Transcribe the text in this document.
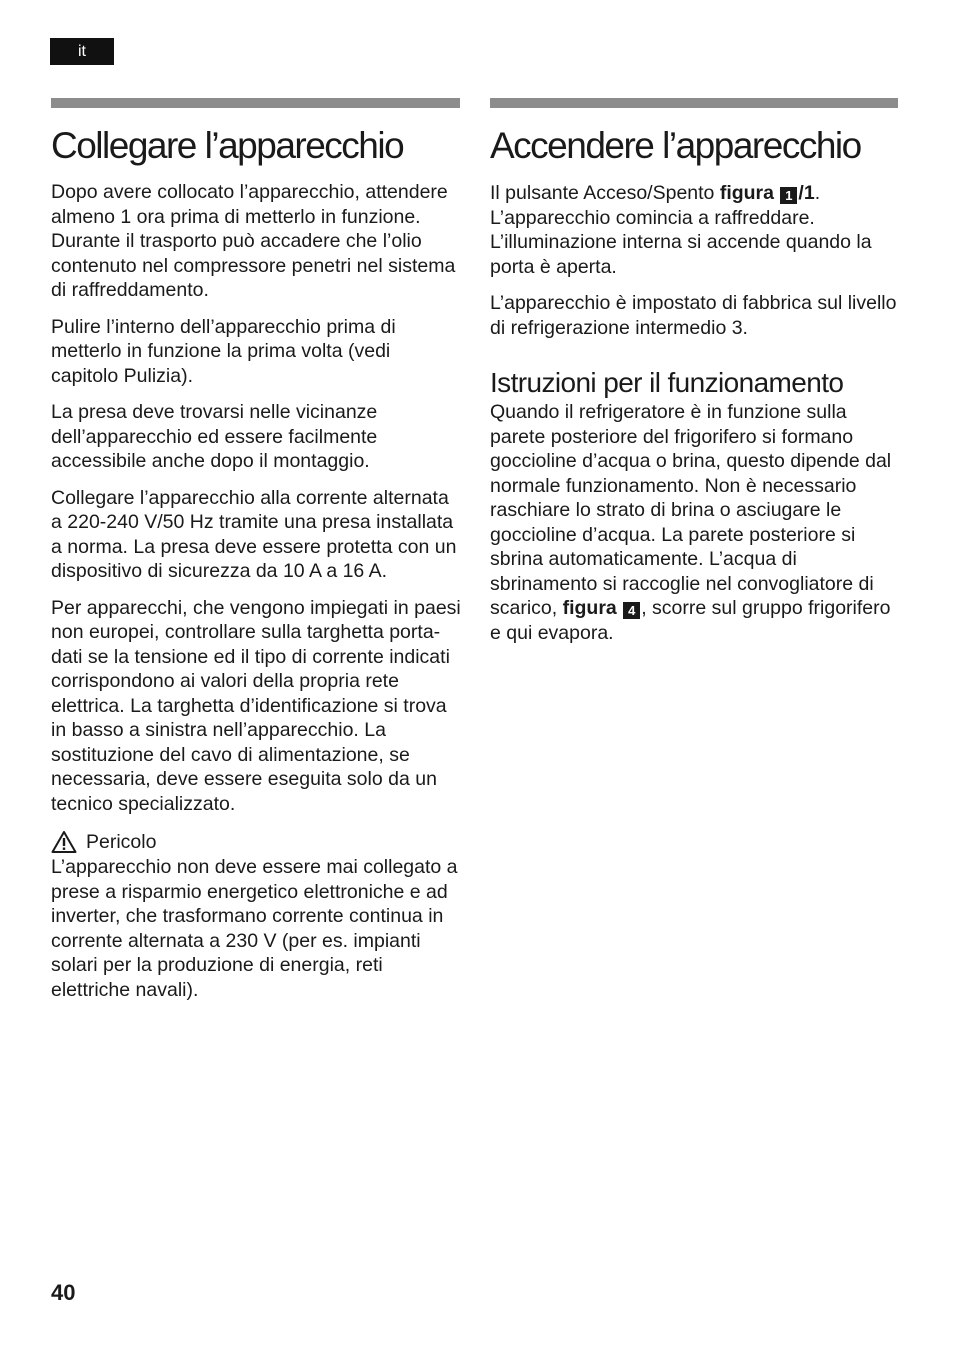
it
Collegare l’apparecchio

Dopo avere collocato l’apparecchio, attendere almeno 1 ora prima di metterlo in funzione. Durante il trasporto può accadere che l’olio contenuto nel compressore penetri nel sistema di raffreddamento.

Pulire l’interno dell’apparecchio prima di metterlo in funzione la prima volta (vedi capitolo Pulizia).

La presa deve trovarsi nelle vicinanze dell’apparecchio ed essere facilmente accessibile anche dopo il montaggio.

Collegare l’apparecchio alla corrente alternata a 220-240 V/50 Hz tramite una presa installata a norma. La presa deve essere protetta con un dispositivo di sicurezza da 10 A a 16 A.

Per apparecchi, che vengono impiegati in paesi non europei, controllare sulla targhetta porta-dati se la tensione ed il tipo di corrente indicati corrispondono ai valori della propria rete elettrica. La targhetta d’identificazione si trova in basso a sinistra nell’apparecchio. La sostituzione del cavo di alimentazione, se necessaria, deve essere eseguita solo da un tecnico specializzato.

Pericolo

L’apparecchio non deve essere mai collegato a prese a risparmio energetico elettroniche e ad inverter, che trasformano corrente continua in corrente alternata a 230 V (per es. impianti solari per la produzione di energia, reti elettriche navali).

Accendere l’apparecchio

Il pulsante Acceso/Spento figura 1 /1. L’apparecchio comincia a raffreddare. L’illuminazione interna si accende quando la porta è aperta.

L’apparecchio è impostato di fabbrica sul livello di refrigerazione intermedio 3.

Istruzioni per il funzionamento

Quando il refrigeratore è in funzione sulla parete posteriore del frigorifero si formano goccioline d’acqua o brina, questo dipende dal normale funzionamento. Non è necessario raschiare lo strato di brina o asciugare le goccioline d’acqua. La parete posteriore si sbrina automaticamente. L’acqua di sbrinamento si raccoglie nel convogliatore di scarico, figura 4 , scorre sul gruppo frigorifero e qui evapora.

40
